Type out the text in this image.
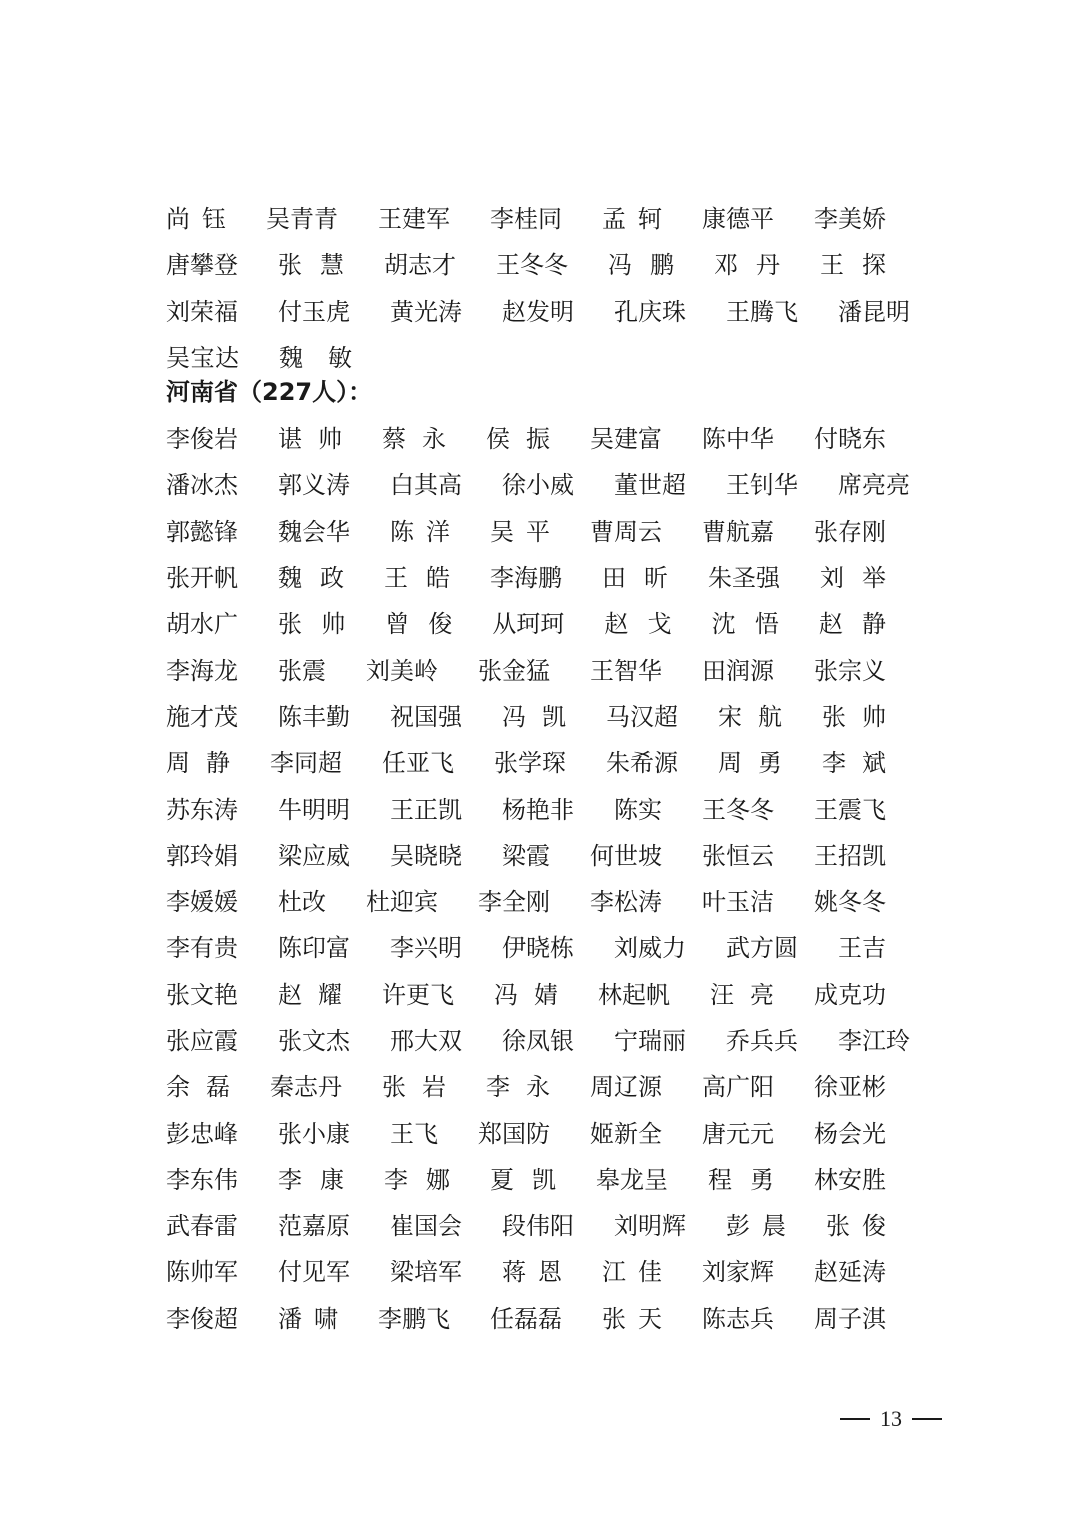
尚 钰 吴 青 青 王 建 军 李 桂 同 孟 轲 康 德 平 李 美 娇
唐 攀 登 张 慧 胡 志 才 王 冬 冬 冯 鹏 邓 丹 王 探
刘 荣 福 付 玉 虎 黄 光 涛 赵 发 明 孔 庆 珠 王 腾 飞 潘 昆 明
吴 宝 达 魏 敏
河南省（227人）：
李 俊 岩 谌 帅 蔡 永 侯 振 吴 建 富 陈 中 华 付 晓 东
潘 冰 杰 郭 义 涛 白 其 高 徐 小 威 董 世 超 王 钊 华 席 亮 亮
郭 懿 锋 魏 会 华 陈 洋 吴 平 曹 周 云 曹 航 嘉 张 存 刚
张 开 帆 魏 政 王 皓 李 海 鹏 田 昕 朱 圣 强 刘 举
胡 水 广 张 帅 曾 俊 从 珂 珂 赵 戈 沈 悟 赵 静
李 海 龙 张 震 刘 美 岭 张 金 猛 王 智 华 田 润 源 张 宗 义
施 才 茂 陈 丰 勤 祝 国 强 冯 凯 马 汉 超 宋 航 张 帅
周 静 李 同 超 任 亚 飞 张 学 琛 朱 希 源 周 勇 李 斌
苏 东 涛 牛 明 明 王 正 凯 杨 艳 非 陈 实 王 冬 冬 王 震 飞
郭 玲 娟 梁 应 威 吴 晓 晓 梁 霞 何 世 坡 张 恒 云 王 招 凯
李 媛 媛 杜 改 杜 迎 宾 李 全 刚 李 松 涛 叶 玉 洁 姚 冬 冬
李 有 贵 陈 印 富 李 兴 明 伊 晓 栋 刘 威 力 武 方 圆 王 吉
张 文 艳 赵 耀 许 更 飞 冯 婧 林 起 帆 汪 亮 成 克 功
张 应 霞 张 文 杰 邢 大 双 徐 凤 银 宁 瑞 丽 乔 兵 兵 李 江 玲
余 磊 秦 志 丹 张 岩 李 永 周 辽 源 高 广 阳 徐 亚 彬
彭 忠 峰 张 小 康 王 飞 郑 国 防 姬 新 全 唐 元 元 杨 会 光
李 东 伟 李 康 李 娜 夏 凯 皋 龙 呈 程 勇 林 安 胜
武 春 雷 范 嘉 原 崔 国 会 段 伟 阳 刘 明 辉 彭 晨 张 俊
陈 帅 军 付 见 军 梁 培 军 蒋 恩 江 佳 刘 家 辉 赵 延 涛
李 俊 超 潘 啸 李 鹏 飞 任 磊 磊 张 天 陈 志 兵 周 子 淇
13
